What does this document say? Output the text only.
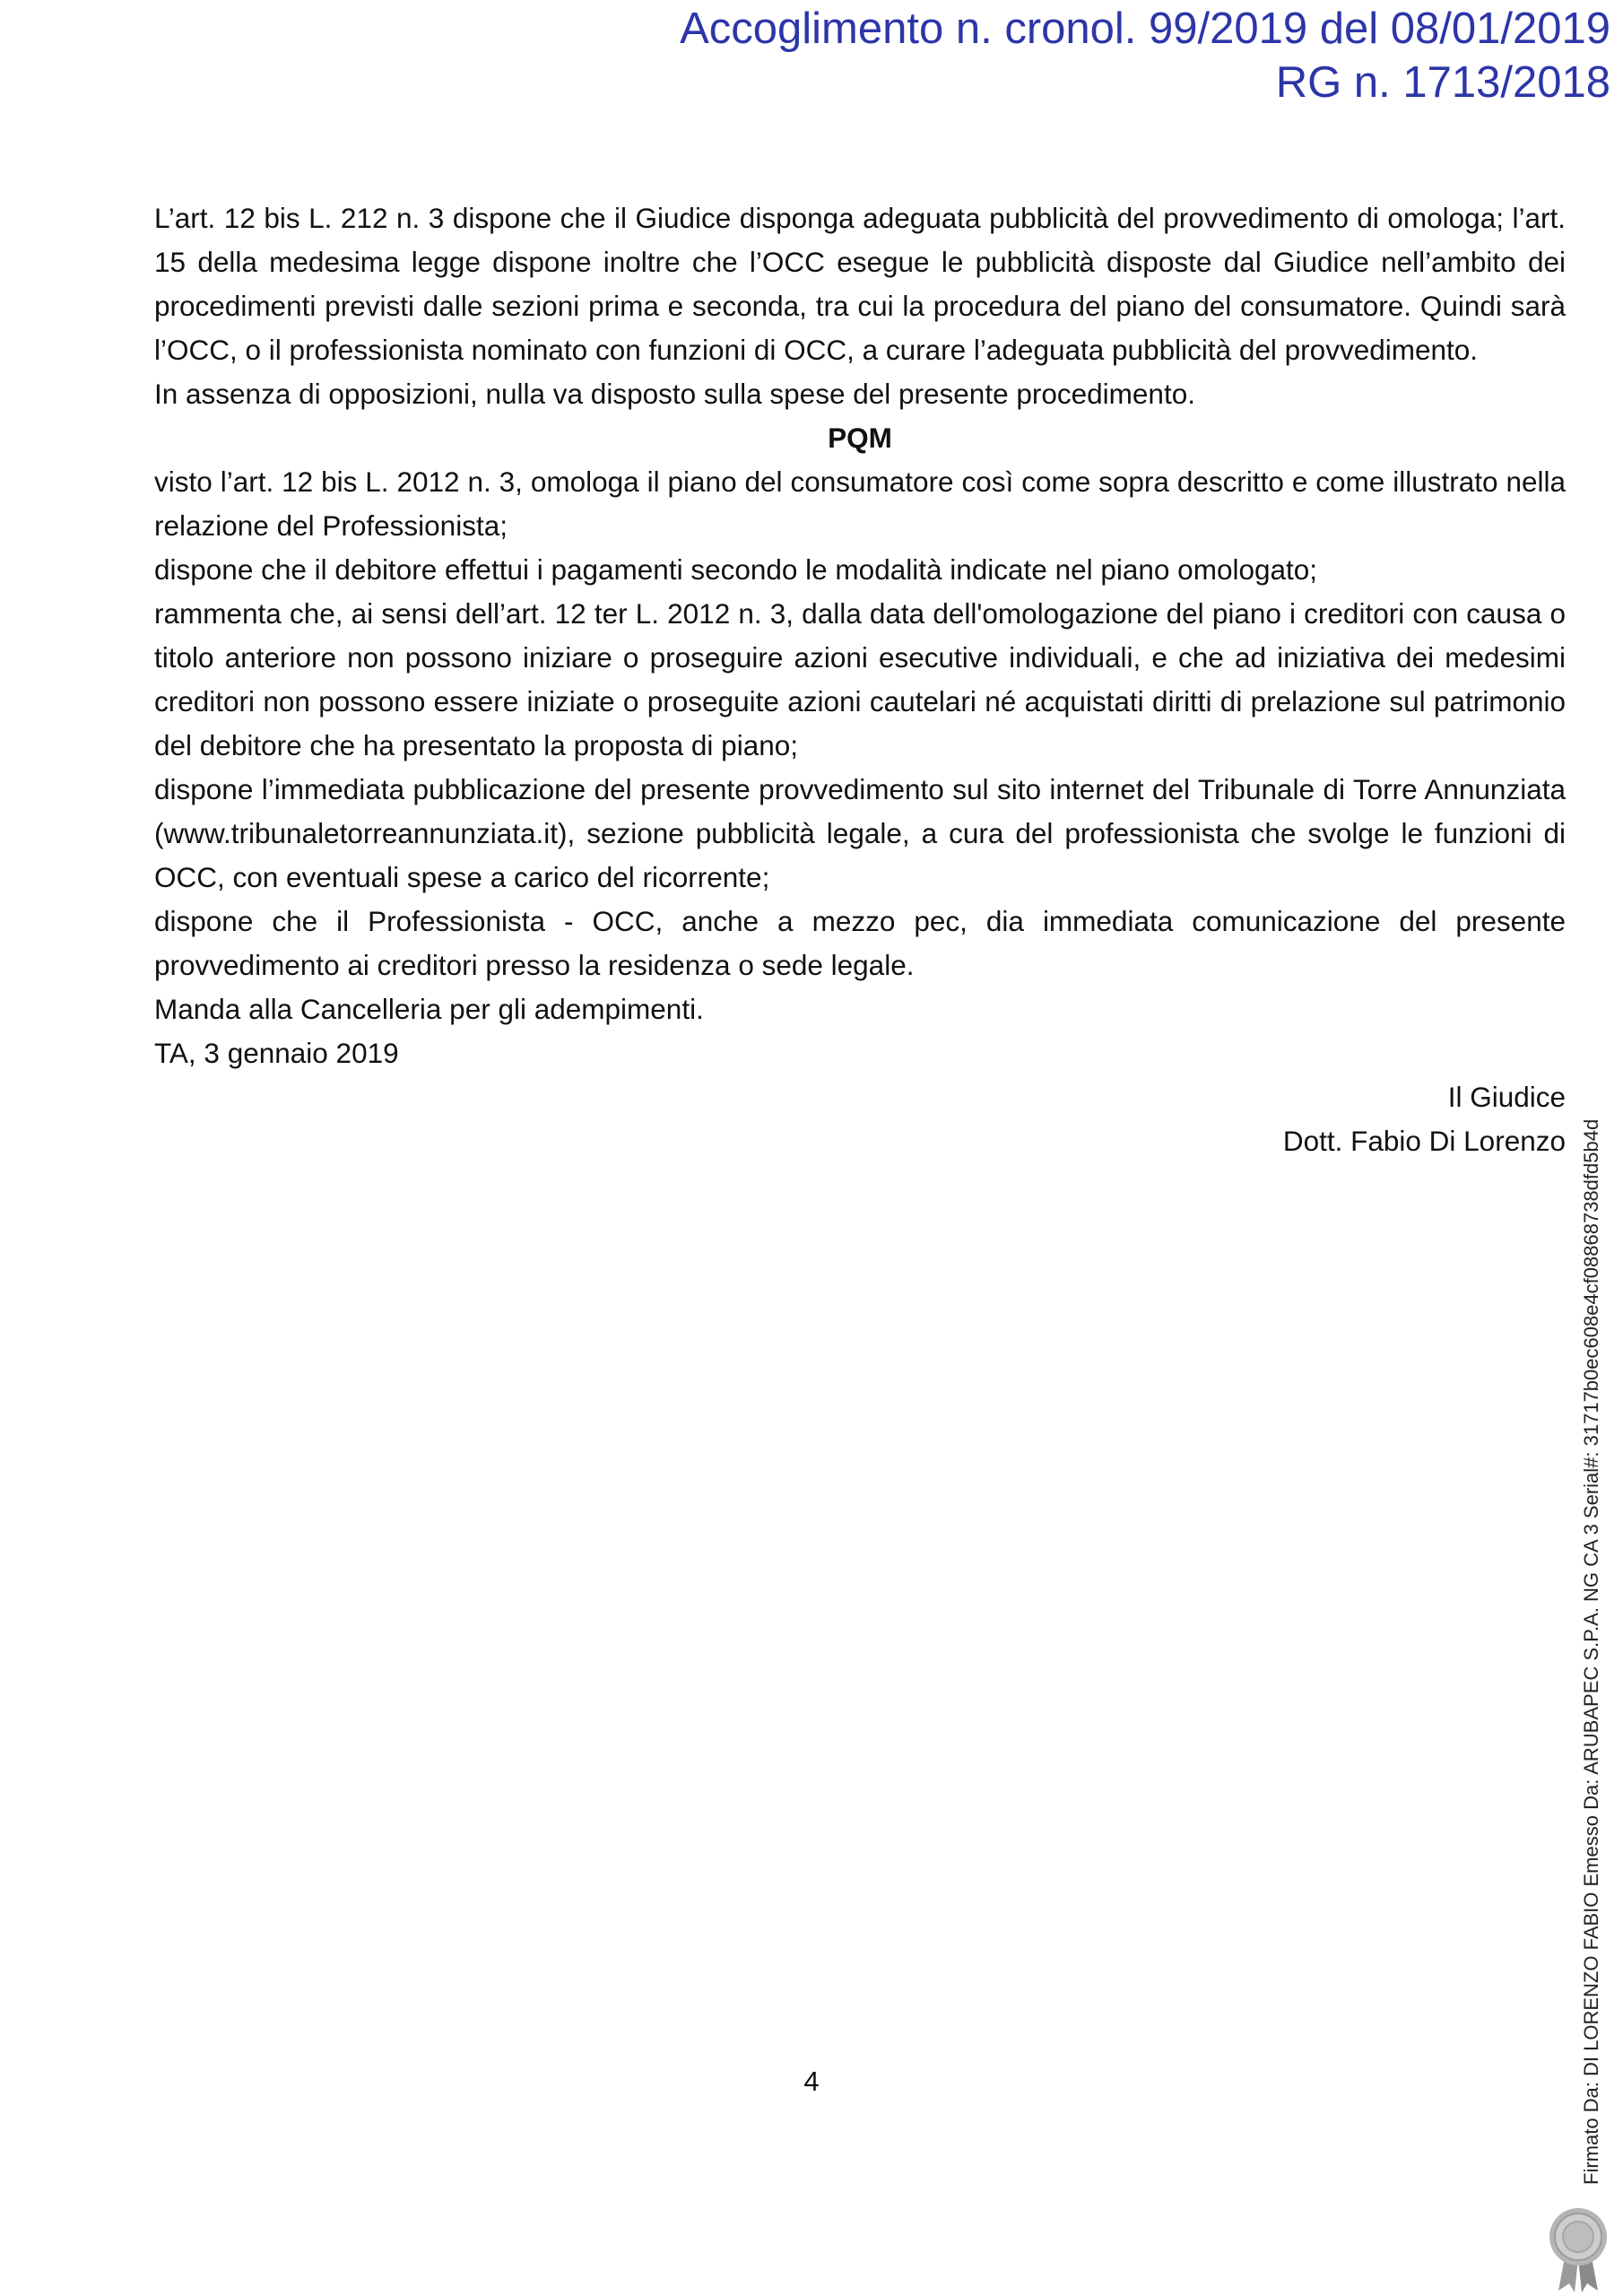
Accoglimento n. cronol. 99/2019 del 08/01/2019
RG n. 1713/2018

L’art. 12 bis L. 212 n. 3 dispone che il Giudice disponga adeguata pubblicità del provvedimento di omologa; l’art. 15 della medesima legge dispone inoltre che l’OCC esegue le pubblicità disposte dal Giudice nell’ambito dei procedimenti previsti dalle sezioni prima e seconda, tra cui la procedura del piano del consumatore. Quindi sarà l’OCC, o il professionista nominato con funzioni di OCC, a curare l’adeguata pubblicità del provvedimento.

In assenza di opposizioni, nulla va disposto sulla spese del presente procedimento.

PQM

visto l’art. 12 bis L. 2012 n. 3, omologa il piano del consumatore così come sopra descritto e come illustrato nella relazione del Professionista;

dispone che il debitore effettui i pagamenti secondo le modalità indicate nel piano omologato;

rammenta che, ai sensi dell’art. 12 ter L. 2012 n. 3, dalla data dell'omologazione del piano i creditori con causa o titolo anteriore non possono iniziare o proseguire azioni esecutive individuali, e che ad iniziativa dei medesimi creditori non possono essere iniziate o proseguite azioni cautelari né acquistati diritti di prelazione sul patrimonio del debitore che ha presentato la proposta di piano;

dispone l’immediata pubblicazione del presente provvedimento sul sito internet del Tribunale di Torre Annunziata (www.tribunaletorreannunziata.it), sezione pubblicità legale, a cura del professionista che svolge le funzioni di OCC, con eventuali spese a carico del ricorrente;

dispone che il Professionista - OCC, anche a mezzo pec, dia immediata comunicazione del presente provvedimento ai creditori presso la residenza o sede legale.

Manda alla Cancelleria per gli adempimenti.

TA, 3 gennaio 2019

Il Giudice

Dott. Fabio Di Lorenzo

4	Firmato Da: DI LORENZO FABIO Emesso Da: ARUBAPEC S.P.A. NG CA 3 Serial#: 31717b0ec608e4cf08868738dfd5b4d
